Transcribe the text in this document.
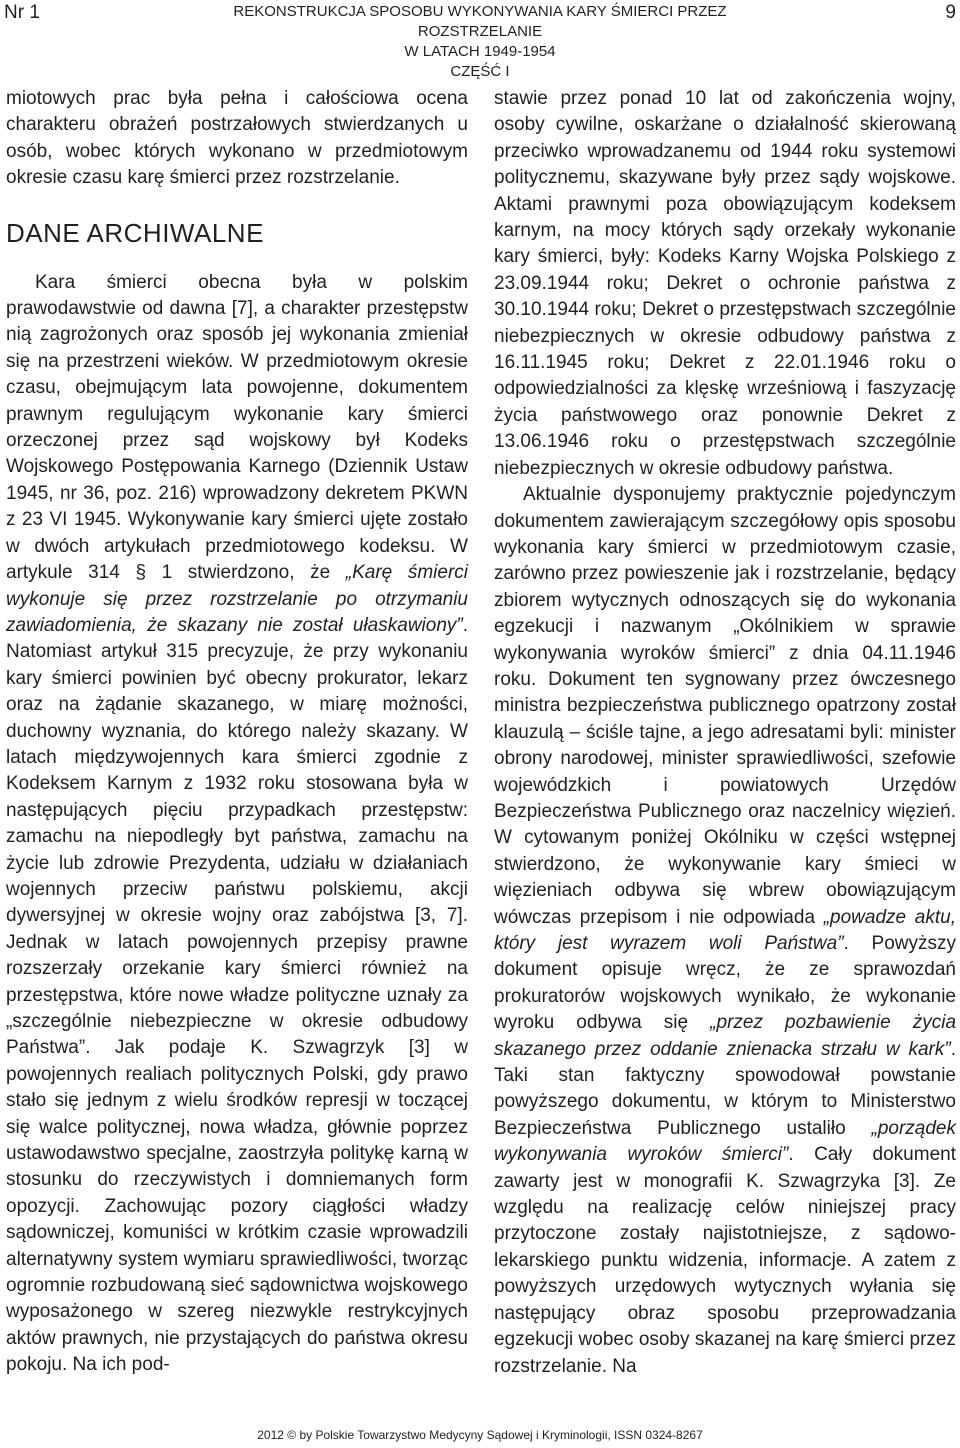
Nr 1	REKONSTRUKCJA SPOSOBU WYKONYWANIA KARY ŚMIERCI PRZEZ ROZSTRZELANIE
W LATACH 1949-1954
CZĘŚĆ I
9

miotowych prac była pełna i całościowa ocena charakteru obrażeń postrzałowych stwierdzanych u osób, wobec których wykonano w przedmiotowym okresie czasu karę śmierci przez rozstrzelanie.

DANE ARCHIWALNE

Kara śmierci obecna była w polskim prawodawstwie od dawna [7], a charakter przestępstw nią zagrożonych oraz sposób jej wykonania zmieniał się na przestrzeni wieków. W przedmiotowym okresie czasu, obejmującym lata powojenne, dokumentem prawnym regulującym wykonanie kary śmierci orzeczonej przez sąd wojskowy był Kodeks Wojskowego Postępowania Karnego (Dziennik Ustaw 1945, nr 36, poz. 216) wprowadzony dekretem PKWN z 23 VI 1945. Wykonywanie kary śmierci ujęte zostało w dwóch artykułach przedmiotowego kodeksu. W artykule 314 § 1 stwierdzono, że „Karę śmierci wykonuje się przez rozstrzelanie po otrzymaniu zawiadomienia, że skazany nie został ułaskawiony”. Natomiast artykuł 315 precyzuje, że przy wykonaniu kary śmierci powinien być obecny prokurator, lekarz oraz na żądanie skazanego, w miarę możności, duchowny wyznania, do którego należy skazany. W latach międzywojennych kara śmierci zgodnie z Kodeksem Karnym z 1932 roku stosowana była w następujących pięciu przypadkach przestępstw: zamachu na niepodległy byt państwa, zamachu na życie lub zdrowie Prezydenta, udziału w działaniach wojennych przeciw państwu polskiemu, akcji dywersyjnej w okresie wojny oraz zabójstwa [3, 7]. Jednak w latach powojennych przepisy prawne rozszerzały orzekanie kary śmierci również na przestępstwa, które nowe władze polityczne uznały za „szczególnie niebezpieczne w okresie odbudowy Państwa”. Jak podaje K. Szwagrzyk [3] w powojennych realiach politycznych Polski, gdy prawo stało się jednym z wielu środków represji w toczącej się walce politycznej, nowa władza, głównie poprzez ustawodawstwo specjalne, zaostrzyła politykę karną w stosunku do rzeczywistych i domniemanych form opozycji. Zachowując pozory ciągłości władzy sądowniczej, komuniści w krótkim czasie wprowadzili alternatywny system wymiaru sprawiedliwości, tworząc ogromnie rozbudowaną sieć sądownictwa wojskowego wyposażonego w szereg niezwykle restrykcyjnych aktów prawnych, nie przystających do państwa okresu pokoju. Na ich pod-

stawie przez ponad 10 lat od zakończenia wojny, osoby cywilne, oskarżane o działalność skierowaną przeciwko wprowadzanemu od 1944 roku systemowi politycznemu, skazywane były przez sądy wojskowe. Aktami prawnymi poza obowiązującym kodeksem karnym, na mocy których sądy orzekały wykonanie kary śmierci, były: Kodeks Karny Wojska Polskiego z 23.09.1944 roku; Dekret o ochronie państwa z 30.10.1944 roku; Dekret o przestępstwach szczególnie niebezpiecznych w okresie odbudowy państwa z 16.11.1945 roku; Dekret z 22.01.1946 roku o odpowiedzialności za klęskę wrześniową i faszyzację życia państwowego oraz ponownie Dekret z 13.06.1946 roku o przestępstwach szczególnie niebezpiecznych w okresie odbudowy państwa.

Aktualnie dysponujemy praktycznie pojedynczym dokumentem zawierającym szczegółowy opis sposobu wykonania kary śmierci w przedmiotowym czasie, zarówno przez powieszenie jak i rozstrzelanie, będący zbiorem wytycznych odnoszących się do wykonania egzekucji i nazwanym „Okólnikiem w sprawie wykonywania wyroków śmierci” z dnia 04.11.1946 roku. Dokument ten sygnowany przez ówczesnego ministra bezpieczeństwa publicznego opatrzony został klauzulą – ściśle tajne, a jego adresatami byli: minister obrony narodowej, minister sprawiedliwości, szefowie wojewódzkich i powiatowych Urzędów Bezpieczeństwa Publicznego oraz naczelnicy więzień. W cytowanym poniżej Okólniku w części wstępnej stwierdzono, że wykonywanie kary śmieci w więzieniach odbywa się wbrew obowiązującym wówczas przepisom i nie odpowiada „powadze aktu, który jest wyrazem woli Państwa”. Powyższy dokument opisuje wręcz, że ze sprawozdań prokuratorów wojskowych wynikało, że wykonanie wyroku odbywa się „przez pozbawienie życia skazanego przez oddanie znienacka strzału w kark”. Taki stan faktyczny spowodował powstanie powyższego dokumentu, w którym to Ministerstwo Bezpieczeństwa Publicznego ustaliło „porządek wykonywania wyroków śmierci”. Cały dokument zawarty jest w monografii K. Szwagrzyka [3]. Ze względu na realizację celów niniejszej pracy przytoczone zostały najistotniejsze, z sądowo-lekarskiego punktu widzenia, informacje. A zatem z powyższych urzędowych wytycznych wyłania się następujący obraz sposobu przeprowadzania egzekucji wobec osoby skazanej na karę śmierci przez rozstrzelanie. Na

2012 © by Polskie Towarzystwo Medycyny Sądowej i Kryminologii, ISSN 0324-8267
